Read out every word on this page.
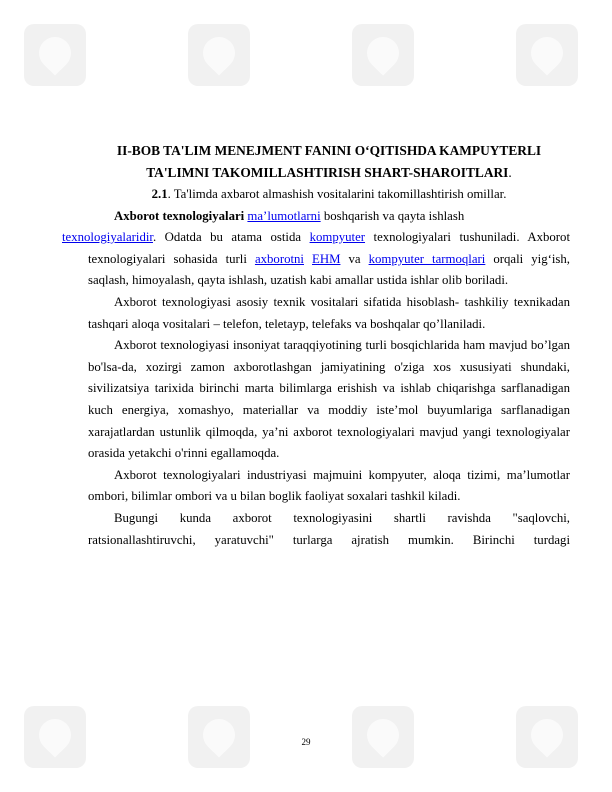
II-BOB TA'LIM MENEJMENT FANINI O‘QITISHDA KAMPUYTERLI
TA'LIMNI TAKOMILLASHTIRISH SHART-SHAROITLARI.

2.1. Ta'limda axbarot almashish vositalarini takomillashtirish omillar.

Axborot texnologiyalari ma’lumotlarni boshqarish va qayta ishlash
texnologiyalaridir. Odatda bu atama ostida kompyuter texnologiyalari tushuniladi. Axborot texnologiyalari sohasida turli axborotni EHM va kompyuter tarmoqlari orqali yig‘ish, saqlash, himoyalash, qayta ishlash, uzatish kabi amallar ustida ishlar olib boriladi.

Axborot texnologiyasi asosiy texnik vositalari sifatida hisoblash- tashkiliy texnikadan tashqari aloqa vositalari – telefon, teletayp, telefaks va boshqalar qo’llaniladi.

Axborot texnologiyasi insoniyat taraqqiyotining turli bosqichlarida ham mavjud bo’lgan bo'lsa-da, xozirgi zamon axborotlashgan jamiyatining o'ziga xos xususiyati shundaki, sivilizatsiya tarixida birinchi marta bilimlarga erishish va ishlab chiqarishga sarflanadigan kuch energiya, xomashyo, materiallar va moddiy iste’mol buyumlariga sarflanadigan xarajatlardan ustunlik qilmoqda, ya’ni axborot texnologiyalari mavjud yangi texnologiyalar orasida yetakchi o'rinni egallamoqda.

Axborot texnologiyalari industriyasi majmuini kompyuter, aloqa tizimi, ma’lumotlar ombori, bilimlar ombori va u bilan boglik faoliyat soxalari tashkil kiladi.

Bugungi kunda axborot texnologiyasini shartli ravishda "saqlovchi, ratsionallashtiruvchi, yaratuvchi" turlarga ajratish mumkin. Birinchi turdagi

29
